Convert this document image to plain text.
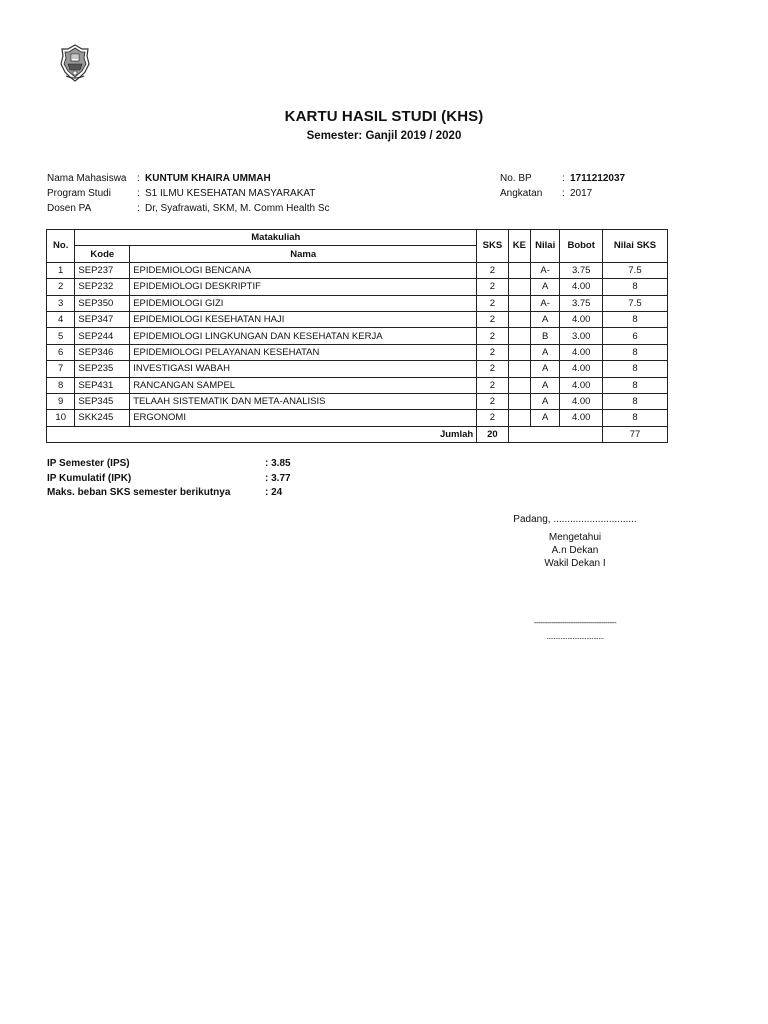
KARTU HASIL STUDI (KHS)
Semester: Ganjil 2019 / 2020
Nama Mahasiswa	: KUNTUM KHAIRA UMMAH
Program Studi	: S1 ILMU KESEHATAN MASYARAKAT
Dosen PA	: Dr, Syafrawati, SKM, M. Comm Health Sc
No. BP	: 1711212037
Angkatan	: 2017
No.	Matakuliah		SKS	KE	Nilai	Bobot	Nilai SKS
	Kode	Nama					
1	SEP237	EPIDEMIOLOGI BENCANA	2		A-	3.75	7.5
2	SEP232	EPIDEMIOLOGI DESKRIPTIF	2		A	4.00	8
3	SEP350	EPIDEMIOLOGI GIZI	2		A-	3.75	7.5
4	SEP347	EPIDEMIOLOGI KESEHATAN HAJI	2		A	4.00	8
5	SEP244	EPIDEMIOLOGI LINGKUNGAN DAN KESEHATAN KERJA	2		B	3.00	6
6	SEP346	EPIDEMIOLOGI PELAYANAN KESEHATAN	2		A	4.00	8
7	SEP235	INVESTIGASI WABAH	2		A	4.00	8
8	SEP431	RANCANGAN SAMPEL	2		A	4.00	8
9	SEP345	TELAAH SISTEMATIK DAN META-ANALISIS	2		A	4.00	8
10	SKK245	ERGONOMI	2		A	4.00	8
Jumlah			20				77
IP Semester (IPS)	: 3.85
IP Kumulatif (IPK)	: 3.77
Maks. beban SKS semester berikutnya	: 24
Padang, ..............................
Mengetahui
A.n Dekan
Wakil Dekan I
--------------------------------------
.................................
